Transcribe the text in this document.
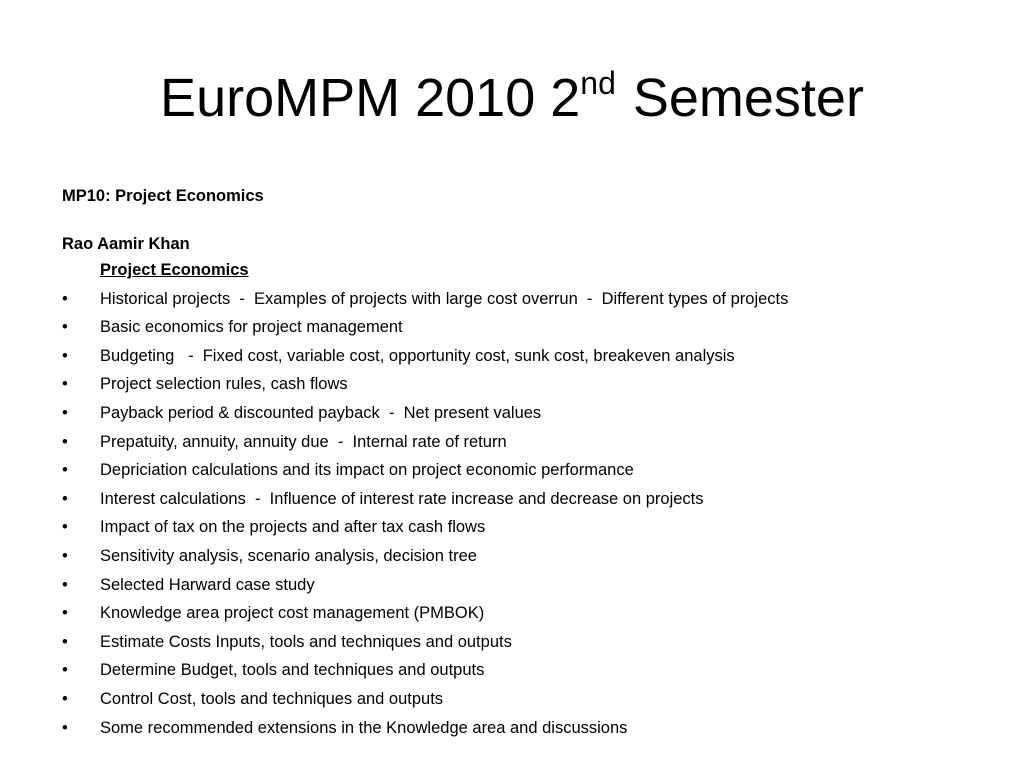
EuroMPM 2010 2nd Semester
MP10: Project Economics
Rao Aamir Khan
Project Economics
•	Historical projects  -  Examples of projects with large cost overrun  -  Different types of projects
•	Basic economics for project management
•	Budgeting   -  Fixed cost, variable cost, opportunity cost, sunk cost, breakeven analysis
•	Project selection rules, cash flows
•	Payback period & discounted payback  -  Net present values
•	Prepatuity, annuity, annuity due  -  Internal rate of return
•	Depriciation calculations and its impact on project economic performance
•	Interest calculations  -  Influence of interest rate increase and decrease on projects
•	Impact of tax on the projects and after tax cash flows
•	Sensitivity analysis, scenario analysis, decision tree
•	Selected Harward case study
•	Knowledge area project cost management (PMBOK)
•	Estimate Costs Inputs, tools and techniques and outputs
•	Determine Budget, tools and techniques and outputs
•	Control Cost, tools and techniques and outputs
•	Some recommended extensions in the Knowledge area and discussions
